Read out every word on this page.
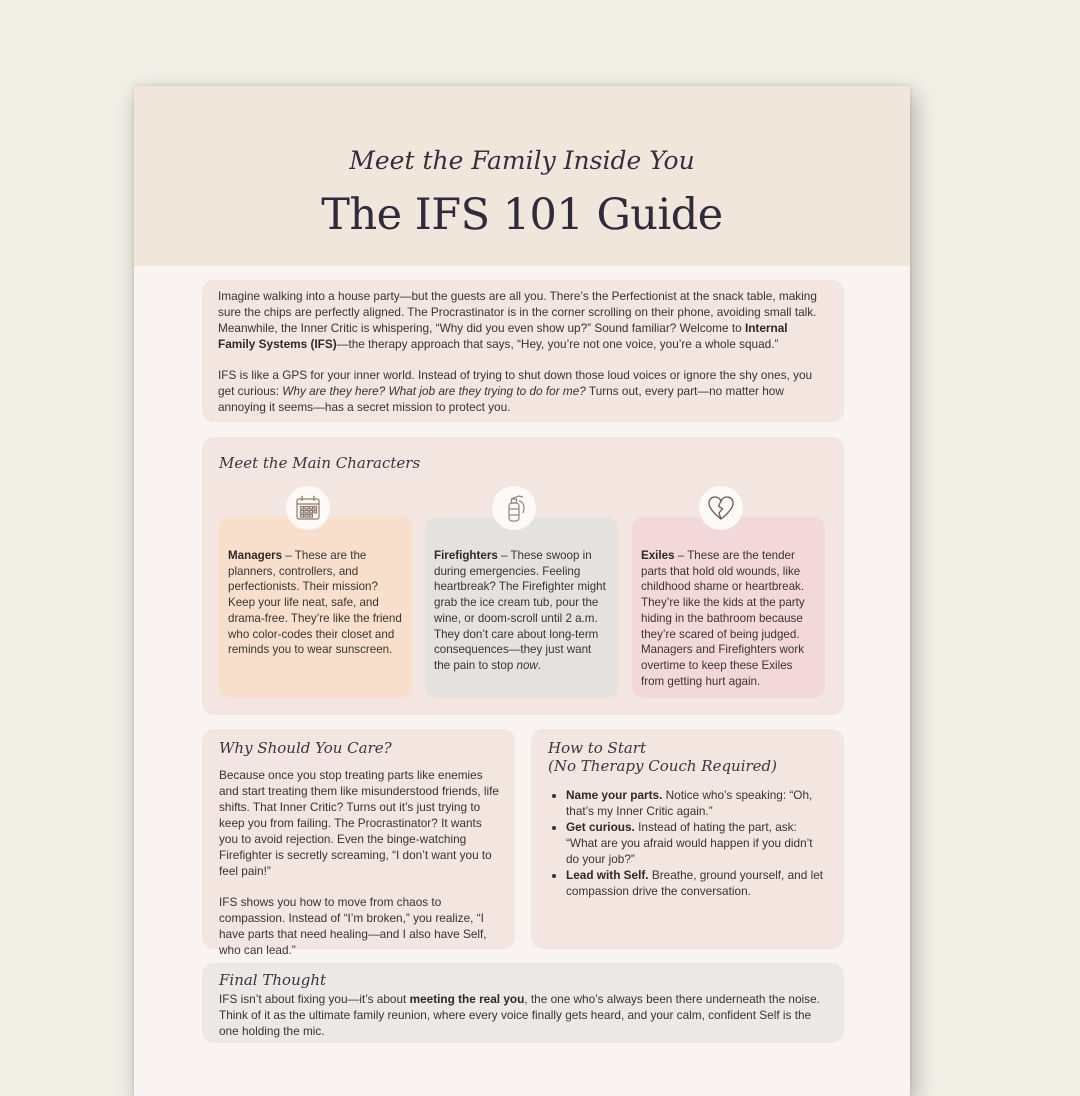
Meet the Family Inside You
The IFS 101 Guide

Imagine walking into a house party—but the guests are all you. There’s the Perfectionist at the snack table, making sure the chips are perfectly aligned. The Procrastinator is in the corner scrolling on their phone, avoiding small talk. Meanwhile, the Inner Critic is whispering, “Why did you even show up?” Sound familiar? Welcome to Internal Family Systems (IFS)—the therapy approach that says, “Hey, you’re not one voice, you’re a whole squad.”

IFS is like a GPS for your inner world. Instead of trying to shut down those loud voices or ignore the shy ones, you get curious: Why are they here? What job are they trying to do for me? Turns out, every part—no matter how annoying it seems—has a secret mission to protect you.

Meet the Main Characters

Managers – These are the planners, controllers, and perfectionists. Their mission? Keep your life neat, safe, and drama-free. They’re like the friend who color-codes their closet and reminds you to wear sunscreen.

Firefighters – These swoop in during emergencies. Feeling heartbreak? The Firefighter might grab the ice cream tub, pour the wine, or doom-scroll until 2 a.m. They don’t care about long-term consequences—they just want the pain to stop now.

Exiles – These are the tender parts that hold old wounds, like childhood shame or heartbreak. They’re like the kids at the party hiding in the bathroom because they’re scared of being judged. Managers and Firefighters work overtime to keep these Exiles from getting hurt again.

Why Should You Care?

Because once you stop treating parts like enemies and start treating them like misunderstood friends, life shifts. That Inner Critic? Turns out it’s just trying to keep you from failing. The Procrastinator? It wants you to avoid rejection. Even the binge-watching Firefighter is secretly screaming, “I don’t want you to feel pain!”

IFS shows you how to move from chaos to compassion. Instead of “I’m broken,” you realize, “I have parts that need healing—and I also have Self, who can lead.”

How to Start
(No Therapy Couch Required)
• Name your parts. Notice who’s speaking: “Oh, that’s my Inner Critic again.”
• Get curious. Instead of hating the part, ask: “What are you afraid would happen if you didn’t do your job?”
• Lead with Self. Breathe, ground yourself, and let compassion drive the conversation.
Final Thought

IFS isn’t about fixing you—it’s about meeting the real you, the one who’s always been there underneath the noise. Think of it as the ultimate family reunion, where every voice finally gets heard, and your calm, confident Self is the one holding the mic.
